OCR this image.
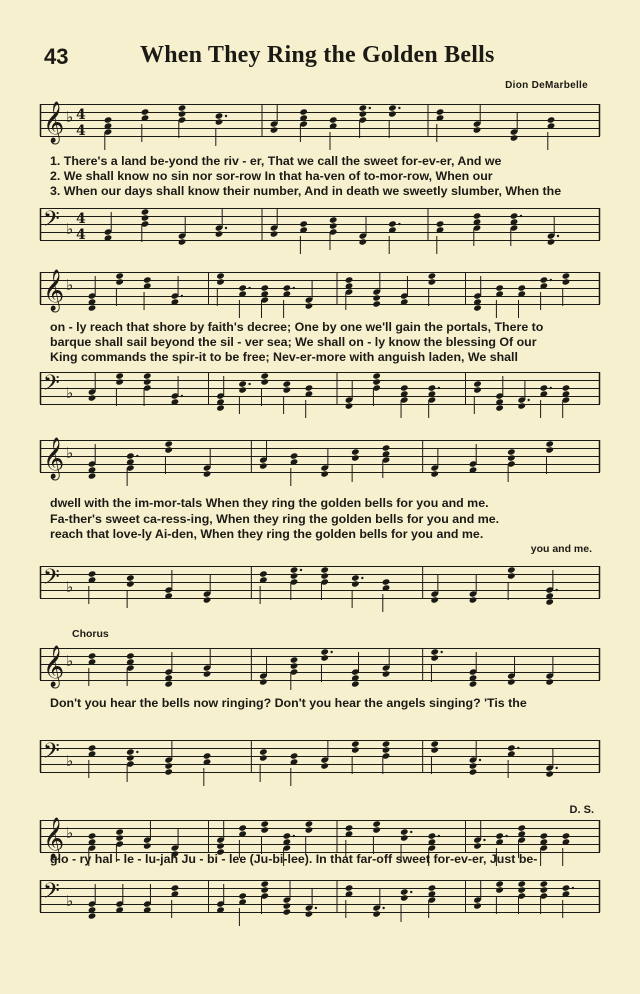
43	When They Ring the Golden Bells
Dion DeMarbelle
𝄞 ♭ 4
4
1. There's a land be-yond the riv - er, That we call the sweet for-ev-er, And we
2. We shall know no sin nor sor-row In that ha-ven of to-mor-row, When our
3. When our days shall know their number, And in death we sweetly slumber, When the
𝄢 ♭
4
4
𝄞 ♭
on - ly reach that shore by faith's decree; One by one we'll gain the portals, There to
barque shall sail beyond the sil - ver sea; We shall on - ly know the blessing Of our
King commands the spir-it to be free; Nev-er-more with anguish laden, We shall
𝄢 ♭
𝄞 ♭
dwell with the im-mor-tals When they ring the golden bells for you and me.
Fa-ther's sweet ca-ress-ing, When they ring the golden bells for you and me.
reach that love-ly Ai-den, When they ring the golden bells for you and me.
you and me.
𝄢 ♭
Chorus
𝄞 ♭
Don't you hear the bells now ringing? Don't you hear the angels singing? 'Tis the
𝄢 ♭
D. S.
𝄞 ♭
glo - ry hal - le - lu-jah Ju - bi - lee (Ju-bi-lee). In that far-off sweet for-ev-er, Just be-
𝄢 ♭
